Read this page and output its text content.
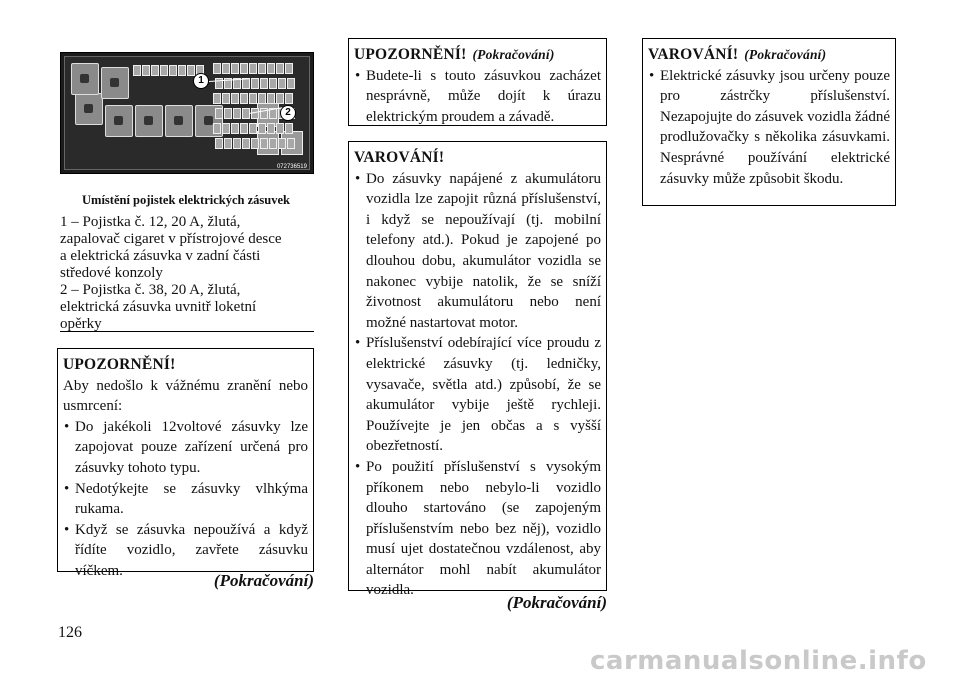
1
2
072736519
Umístění pojistek elektrických zásuvek

1 – Pojistka č. 12, 20 A, žlutá,

zapalovač cigaret v přístrojové desce

a elektrická zásuvka v zadní části

středové konzoly

2 – Pojistka č. 38, 20 A, žlutá,

elektrická zásuvka uvnitř loketní

opěrky

UPOZORNĚNÍ!

Aby nedošlo k vážnému zranění nebo usmrcení:

• Do jakékoli 12voltové zásuvky lze zapojovat pouze zařízení určená pro zásuvky tohoto typu.
• Nedotýkejte se zásuvky vlhkýma rukama.
• Když se zásuvka nepoužívá a když řídíte vozidlo, zavřete zásuvku víčkem.
(Pokračování)
UPOZORNĚNÍ! (Pokračování)
• Budete-li s touto zásuvkou zacházet nesprávně, může dojít k úrazu elektrickým proudem a závadě.
VAROVÁNÍ!
• Do zásuvky napájené z akumulátoru vozidla lze zapojit různá příslušenství, i když se nepoužívají (tj. mobilní telefony atd.). Pokud je zapojené po dlouhou dobu, akumulátor vozidla se nakonec vybije natolik, že se sníží životnost akumulátoru nebo není možné nastartovat motor.
• Příslušenství odebírající více proudu z elektrické zásuvky (tj. ledničky, vysavače, světla atd.) způsobí, že se akumulátor vybije ještě rychleji. Používejte je jen občas a s vyšší obezřetností.
• Po použití příslušenství s vysokým příkonem nebo nebylo-li vozidlo dlouho startováno (se zapojeným příslušenstvím nebo bez něj), vozidlo musí ujet dostatečnou vzdálenost, aby alternátor mohl nabít akumulátor vozidla.
(Pokračování)
VAROVÁNÍ! (Pokračování)
• Elektrické zásuvky jsou určeny pouze pro zástrčky příslušenství. Nezapojujte do zásuvek vozidla žádné prodlužovačky s několika zásuvkami. Nesprávné používání elektrické zásuvky může způsobit škodu.
126
carmanualsonline.info
